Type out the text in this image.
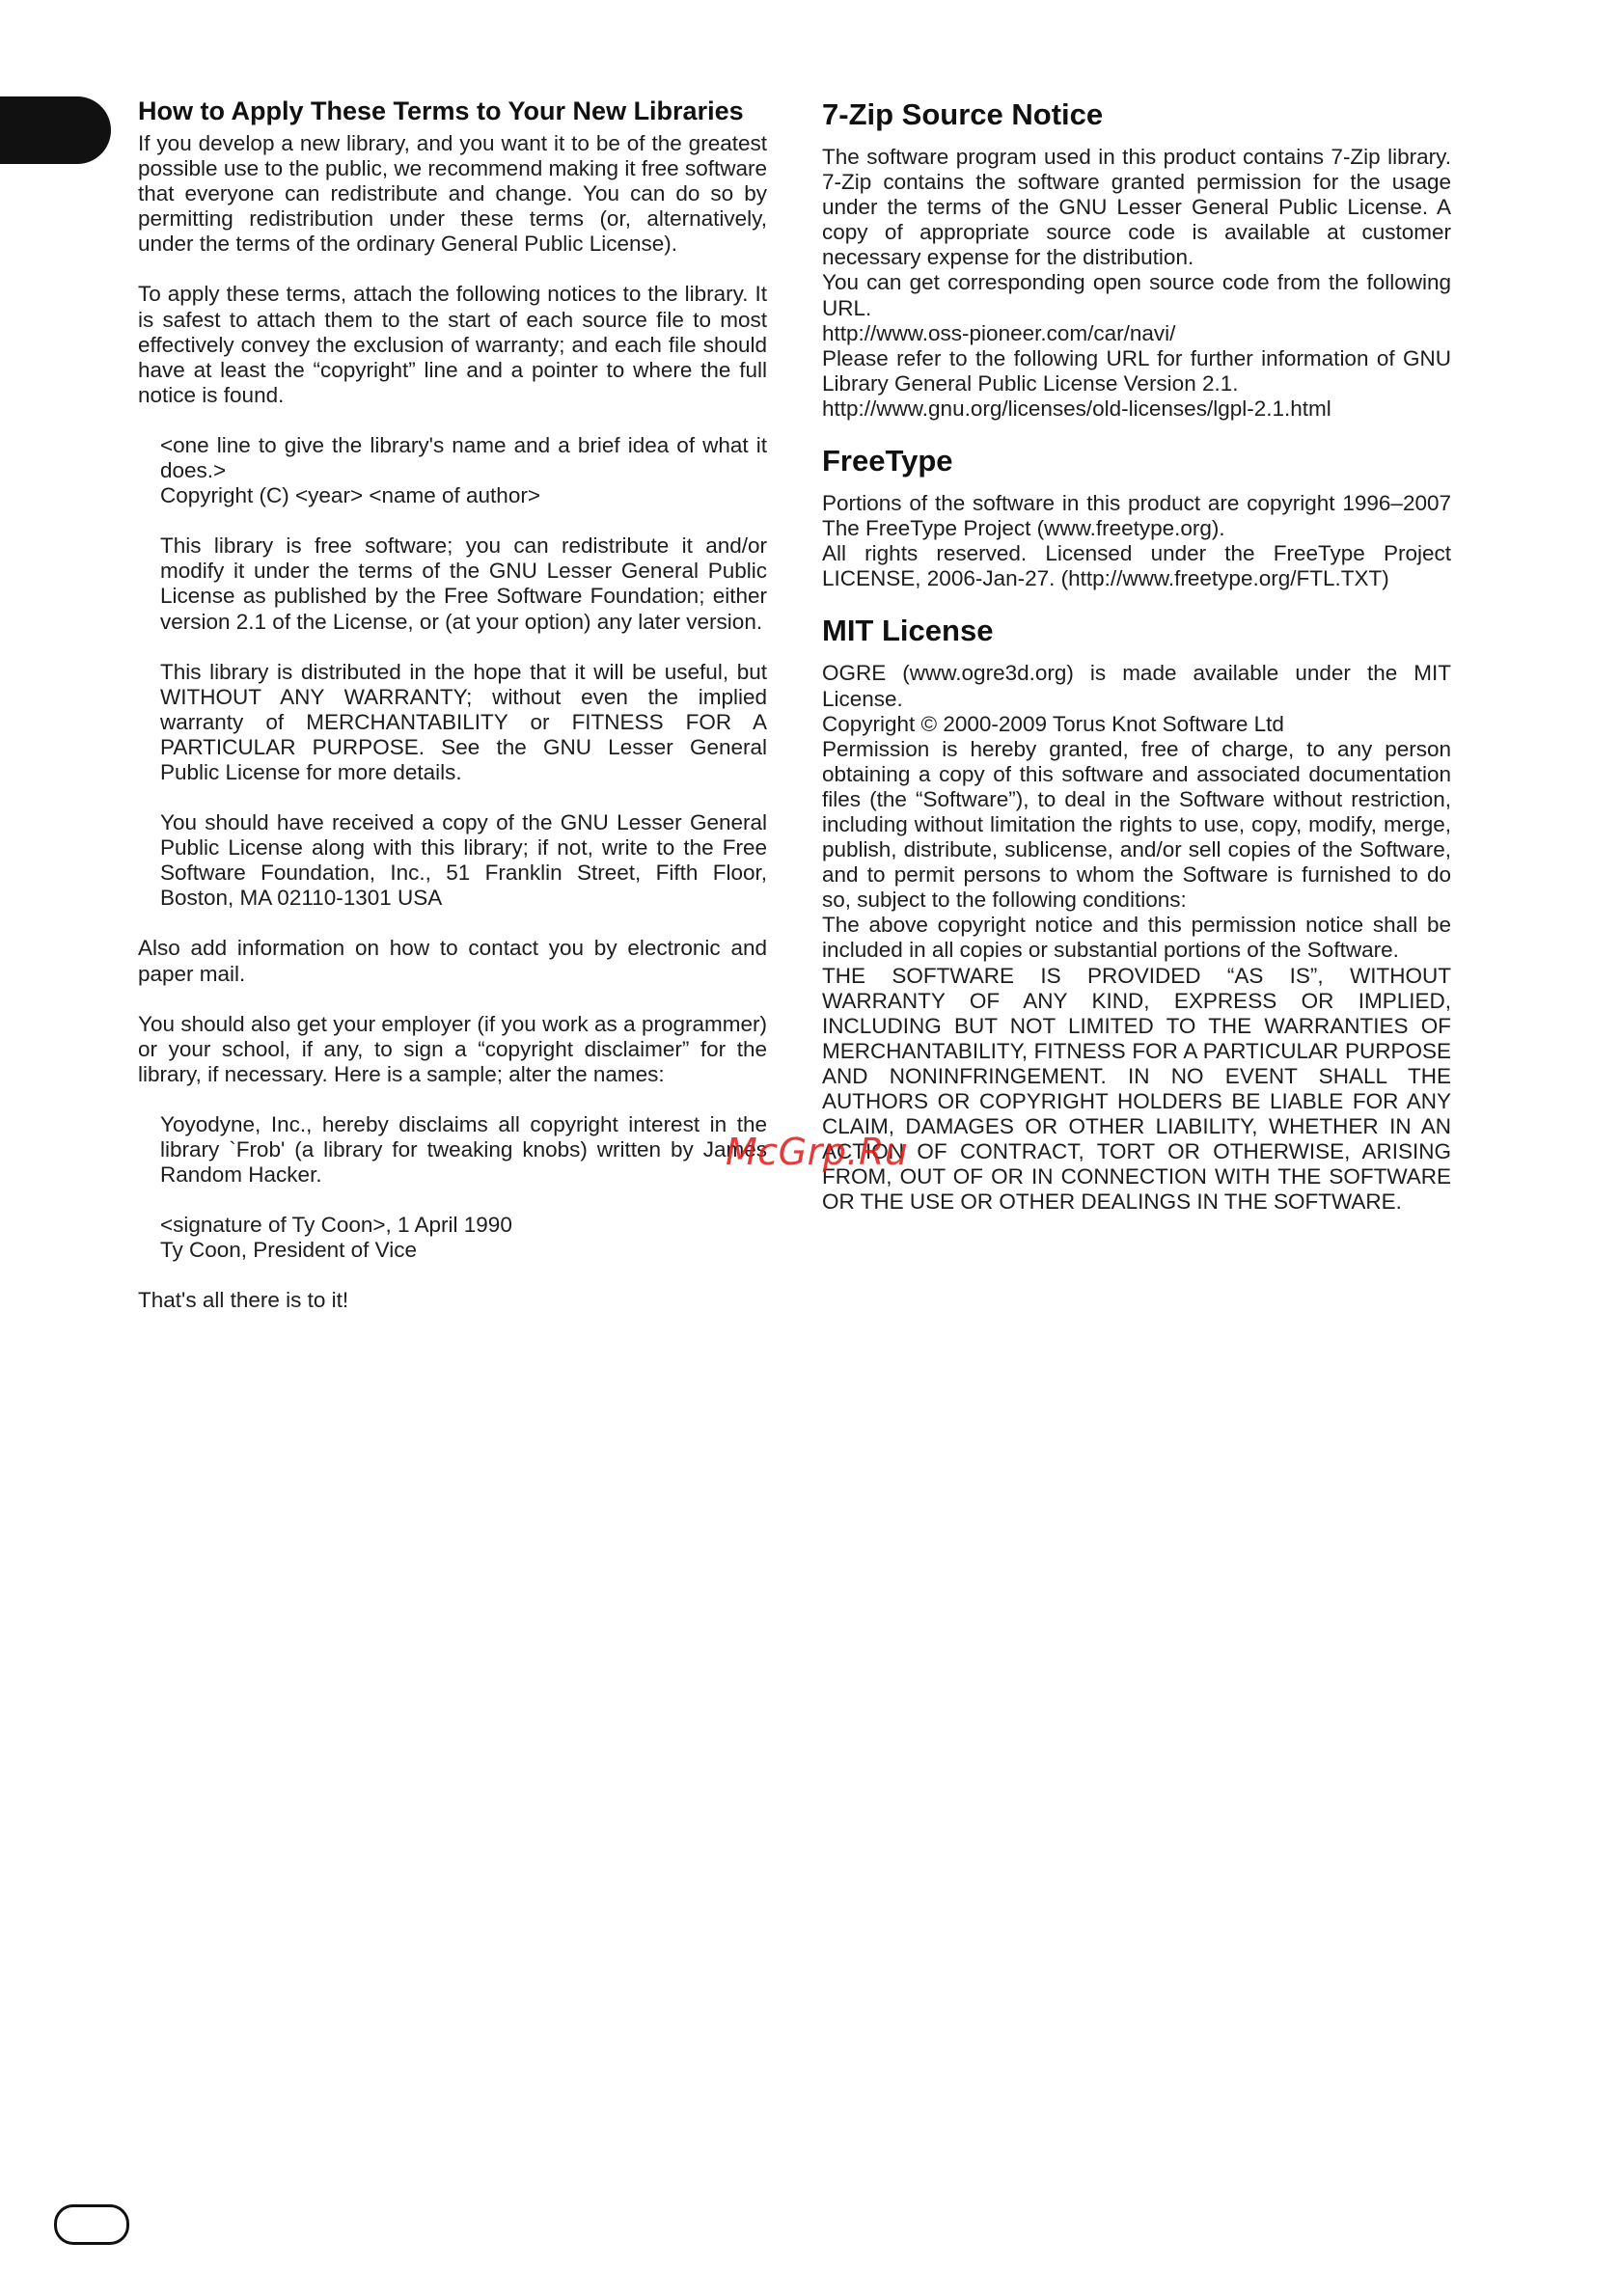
How to Apply These Terms to Your New Libraries

If you develop a new library, and you want it to be of the greatest possible use to the public, we recommend making it free software that everyone can redistribute and change. You can do so by permitting redistribution under these terms (or, alternatively, under the terms of the ordinary General Public License).

To apply these terms, attach the following notices to the library. It is safest to attach them to the start of each source file to most effectively convey the exclusion of warranty; and each file should have at least the “copyright” line and a pointer to where the full notice is found.

<one line to give the library's name and a brief idea of what it does.>

Copyright (C) <year> <name of author>

This library is free software; you can redistribute it and/or modify it under the terms of the GNU Lesser General Public License as published by the Free Software Foundation; either version 2.1 of the License, or (at your option) any later version.

This library is distributed in the hope that it will be useful, but WITHOUT ANY WARRANTY; without even the implied warranty of MERCHANTABILITY or FITNESS FOR A PARTICULAR PURPOSE. See the GNU Lesser General Public License for more details.

You should have received a copy of the GNU Lesser General Public License along with this library; if not, write to the Free Software Foundation, Inc., 51 Franklin Street, Fifth Floor, Boston, MA 02110-1301 USA

Also add information on how to contact you by electronic and paper mail.

You should also get your employer (if you work as a programmer) or your school, if any, to sign a “copyright disclaimer” for the library, if necessary. Here is a sample; alter the names:

Yoyodyne, Inc., hereby disclaims all copyright interest in the library `Frob' (a library for tweaking knobs) written by James Random Hacker.

<signature of Ty Coon>, 1 April 1990

Ty Coon, President of Vice

That's all there is to it!

7-Zip Source Notice

The software program used in this product contains 7-Zip library. 7-Zip contains the software granted permission for the usage under the terms of the GNU Lesser General Public License. A copy of appropriate source code is available at customer necessary expense for the distribution.

You can get corresponding open source code from the following URL.

http://www.oss-pioneer.com/car/navi/

Please refer to the following URL for further information of GNU Library General Public License Version 2.1.

http://www.gnu.org/licenses/old-licenses/lgpl-2.1.html

FreeType

Portions of the software in this product are copyright 1996–2007 The FreeType Project (www.freetype.org).

All rights reserved. Licensed under the FreeType Project LICENSE, 2006-Jan-27. (http://www.freetype.org/FTL.TXT)

MIT License

OGRE (www.ogre3d.org) is made available under the MIT License.

Copyright © 2000-2009 Torus Knot Software Ltd

Permission is hereby granted, free of charge, to any person obtaining a copy of this software and associated documentation files (the “Software”), to deal in the Software without restriction, including without limitation the rights to use, copy, modify, merge, publish, distribute, sublicense, and/or sell copies of the Software, and to permit persons to whom the Software is furnished to do so, subject to the following conditions:

The above copyright notice and this permission notice shall be included in all copies or substantial portions of the Software.

THE SOFTWARE IS PROVIDED “AS IS”, WITHOUT WARRANTY OF ANY KIND, EXPRESS OR IMPLIED, INCLUDING BUT NOT LIMITED TO THE WARRANTIES OF MERCHANTABILITY, FITNESS FOR A PARTICULAR PURPOSE AND NONINFRINGEMENT. IN NO EVENT SHALL THE AUTHORS OR COPYRIGHT HOLDERS BE LIABLE FOR ANY CLAIM, DAMAGES OR OTHER LIABILITY, WHETHER IN AN ACTION OF CONTRACT, TORT OR OTHERWISE, ARISING FROM, OUT OF OR IN CONNECTION WITH THE SOFTWARE OR THE USE OR OTHER DEALINGS IN THE SOFTWARE.

McGrp.Ru
